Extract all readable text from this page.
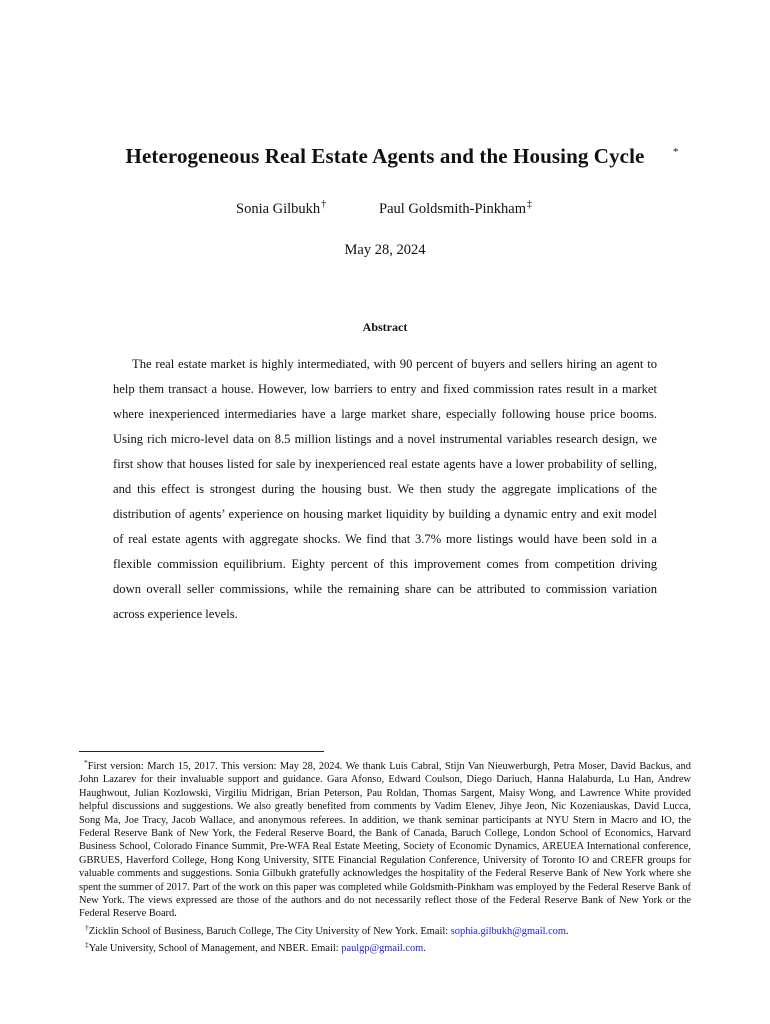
Heterogeneous Real Estate Agents and the Housing Cycle	*
Sonia Gilbukh†	Paul Goldsmith-Pinkham‡
May 28, 2024
Abstract

The real estate market is highly intermediated, with 90 percent of buyers and sellers hiring an agent to help them transact a house. However, low barriers to entry and fixed commission rates result in a market where inexperienced intermediaries have a large market share, especially following house price booms. Using rich micro-level data on 8.5 million listings and a novel instrumental variables research design, we first show that houses listed for sale by inexperienced real estate agents have a lower probability of selling, and this effect is strongest during the housing bust. We then study the aggregate implications of the distribution of agents’ experience on housing market liquidity by building a dynamic entry and exit model of real estate agents with aggregate shocks. We find that 3.7% more listings would have been sold in a flexible commission equilibrium. Eighty percent of this improvement comes from competition driving down overall seller commissions, while the remaining share can be attributed to commission variation across experience levels.

*First version: March 15, 2017. This version: May 28, 2024. We thank Luis Cabral, Stijn Van Nieuwerburgh, Petra Moser, David Backus, and John Lazarev for their invaluable support and guidance. Gara Afonso, Edward Coulson, Diego Dariuch, Hanna Halaburda, Lu Han, Andrew Haughwout, Julian Kozlowski, Virgiliu Midrigan, Brian Peterson, Pau Roldan, Thomas Sargent, Maisy Wong, and Lawrence White provided helpful discussions and suggestions. We also greatly benefited from comments by Vadim Elenev, Jihye Jeon, Nic Kozeniauskas, David Lucca, Song Ma, Joe Tracy, Jacob Wallace, and anonymous referees. In addition, we thank seminar participants at NYU Stern in Macro and IO, the Federal Reserve Bank of New York, the Federal Reserve Board, the Bank of Canada, Baruch College, London School of Economics, Harvard Business School, Colorado Finance Summit, Pre-WFA Real Estate Meeting, Society of Economic Dynamics, AREUEA International conference, GBRUES, Haverford College, Hong Kong University, SITE Financial Regulation Conference, University of Toronto IO and CREFR groups for valuable comments and suggestions. Sonia Gilbukh gratefully acknowledges the hospitality of the Federal Reserve Bank of New York where she spent the summer of 2017. Part of the work on this paper was completed while Goldsmith-Pinkham was employed by the Federal Reserve Bank of New York. The views expressed are those of the authors and do not necessarily reflect those of the Federal Reserve Bank of New York or the Federal Reserve Board.

†Zicklin School of Business, Baruch College, The City University of New York. Email: sophia.gilbukh@gmail.com.

‡Yale University, School of Management, and NBER. Email: paulgp@gmail.com.
